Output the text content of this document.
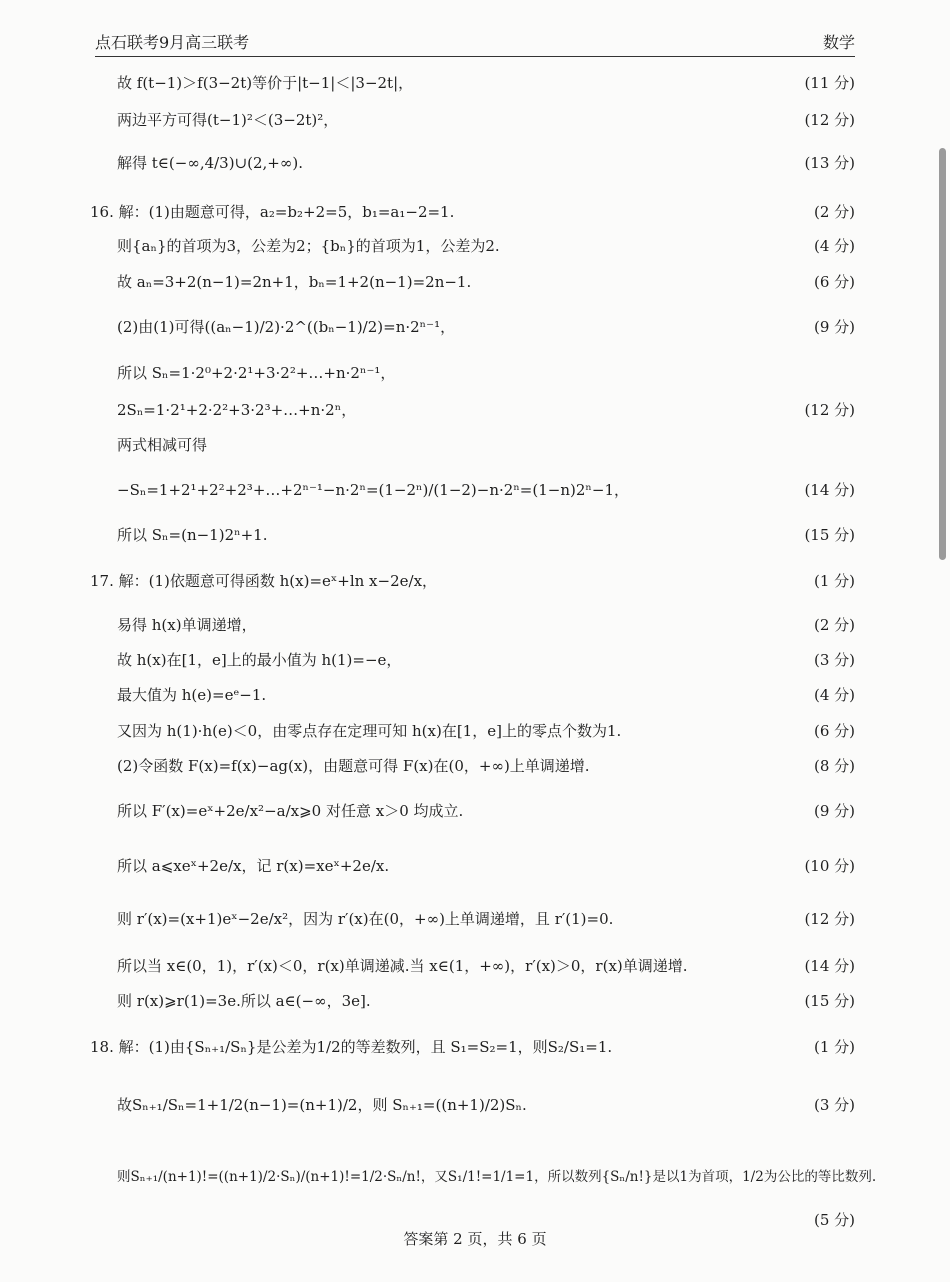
点石联考9月高三联考	数学
故 f(t−1)＞f(3−2t)等价于|t−1|＜|3−2t|，	(11 分)
两边平方可得(t−1)²＜(3−2t)²，	(12 分)
解得 t∈(−∞,4/3)∪(2,+∞).	(13 分)
16. 解：(1)由题意可得，a₂=b₂+2=5，b₁=a₁−2=1.	(2 分)
则{aₙ}的首项为3，公差为2；{bₙ}的首项为1，公差为2.	(4 分)
故 aₙ=3+2(n−1)=2n+1，bₙ=1+2(n−1)=2n−1.	(6 分)
(2)由(1)可得((aₙ−1)/2)·2^((bₙ−1)/2)=n·2ⁿ⁻¹，	(9 分)
所以 Sₙ=1·2⁰+2·2¹+3·2²+…+n·2ⁿ⁻¹，
2Sₙ=1·2¹+2·2²+3·2³+…+n·2ⁿ，	(12 分)
两式相减可得
−Sₙ=1+2¹+2²+2³+…+2ⁿ⁻¹−n·2ⁿ=(1−2ⁿ)/(1−2)−n·2ⁿ=(1−n)2ⁿ−1，	(14 分)
所以 Sₙ=(n−1)2ⁿ+1.	(15 分)
17. 解：(1)依题意可得函数 h(x)=eˣ+ln x−2e/x，	(1 分)
易得 h(x)单调递增，	(2 分)
故 h(x)在[1，e]上的最小值为 h(1)=−e，	(3 分)
最大值为 h(e)=eᵉ−1.	(4 分)
又因为 h(1)·h(e)＜0，由零点存在定理可知 h(x)在[1，e]上的零点个数为1.	(6 分)
(2)令函数 F(x)=f(x)−ag(x)，由题意可得 F(x)在(0，+∞)上单调递增.	(8 分)
所以 F′(x)=eˣ+2e/x²−a/x⩾0 对任意 x＞0 均成立.	(9 分)
所以 a⩽xeˣ+2e/x，记 r(x)=xeˣ+2e/x.	(10 分)
则 r′(x)=(x+1)eˣ−2e/x²，因为 r′(x)在(0，+∞)上单调递增，且 r′(1)=0.	(12 分)
所以当 x∈(0，1)，r′(x)＜0，r(x)单调递减.当 x∈(1，+∞)，r′(x)＞0，r(x)单调递增.	(14 分)
则 r(x)⩾r(1)=3e.所以 a∈(−∞，3e].	(15 分)
18. 解：(1)由{Sₙ₊₁/Sₙ}是公差为1/2的等差数列，且 S₁=S₂=1，则S₂/S₁=1.	(1 分)
故Sₙ₊₁/Sₙ=1+1/2(n−1)=(n+1)/2，则 Sₙ₊₁=((n+1)/2)Sₙ.	(3 分)
则Sₙ₊₁/(n+1)!=((n+1)/2·Sₙ)/(n+1)!=1/2·Sₙ/n!，又S₁/1!=1/1=1，所以数列{Sₙ/n!}是以1为首项，1/2为公比的等比数列.
(5 分)
答案第 2 页，共 6 页
